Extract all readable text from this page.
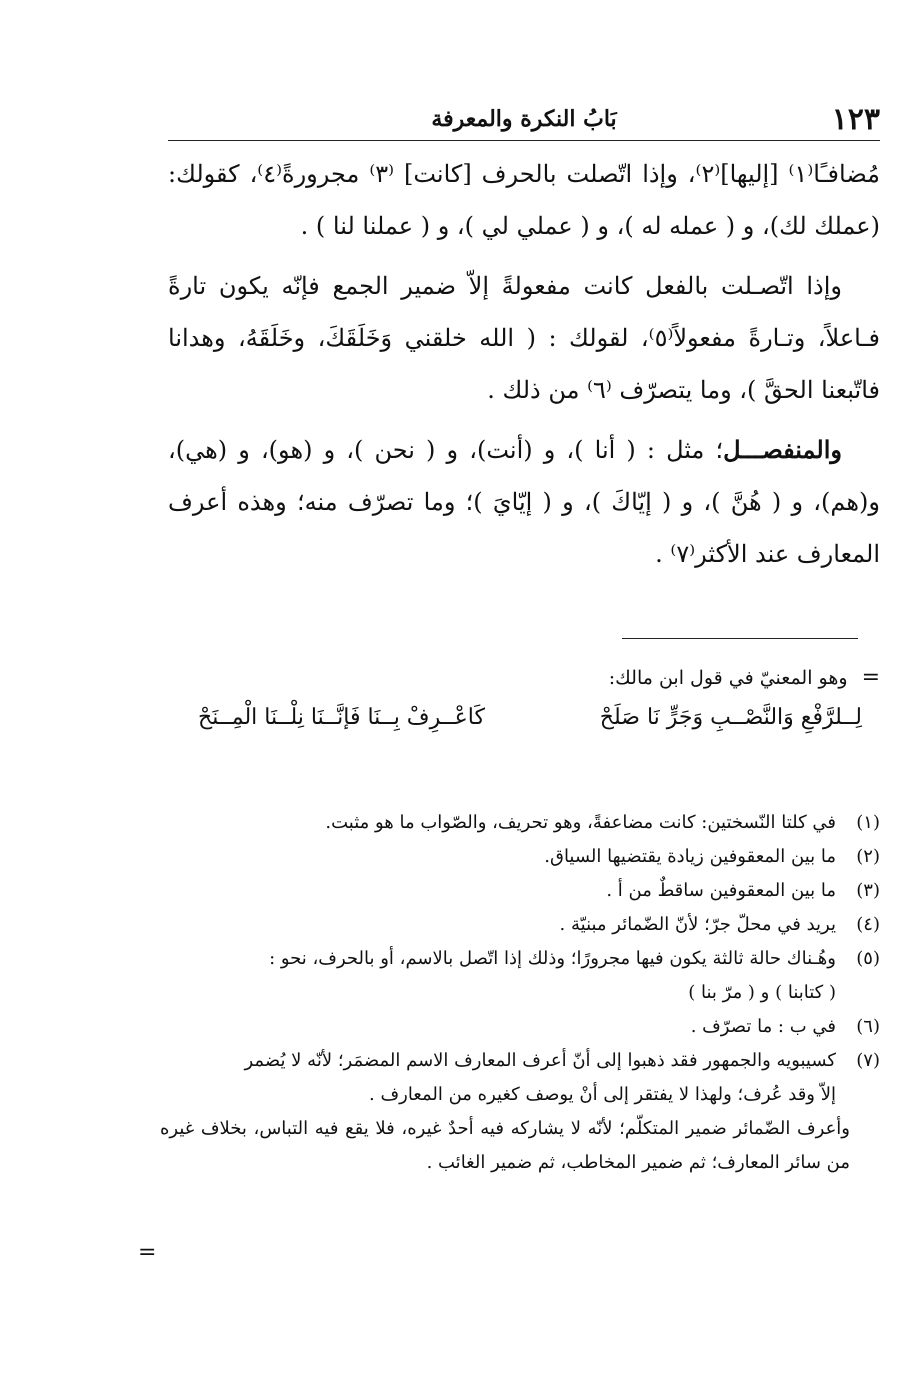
١٢٣
بَابُ النكرة والمعرفة

مُضافـًا⁽١⁾ [إليها]⁽٢⁾، وإذا اتّصلت بالحرف [كانت] ⁽٣⁾ مجرورةً⁽٤⁾، كقولك: (عملك لك)، و ( عمله له )، و ( عملي لي )، و ( عملنا لنا ) .

وإذا اتّصـلت بالفعل كانت مفعولةً إلاّ ضمير الجمع فإنّه يكون تارةً فـاعلاً، وتـارةً مفعولاً⁽٥⁾، لقولك : ( الله خلقني وَخَلَقَكَ، وخَلَقَهُ، وهدانا فاتّبعنا الحقَّ )، وما يتصرّف ⁽٦⁾ من ذلك .

والمنفصـــل؛ مثل : ( أنا )، و (أنت)، و ( نحن )، و (هو)، و (هي)، و(هم)، و ( هُنَّ )، و ( إيّاكَ )، و ( إيّايَ )؛ وما تصرّف منه؛ وهذه أعرف المعارف عند الأكثر⁽٧⁾ .

=
وهو المعنيّ في قول ابن مالك:
لِــلرَّفْعِ وَالنَّصْــبِ وَجَرٍّ نَا صَلَحْ
كَاعْــرِفْ بِــنَا فَإنَّــنَا نِلْــنَا الْمِــنَحْ
(١)
في كلتا النّسختين: كانت مضاعفةً، وهو تحريف، والصّواب ما هو مثبت.
(٢)
ما بين المعقوفين زيادة يقتضيها السياق.
(٣)
ما بين المعقوفين ساقطٌ من أ .
(٤)
يريد في محلّ جرّ؛ لأنّ الضّمائر مبنيّة .
(٥)
وهُـناك حالة ثالثة يكون فيها مجرورًا؛ وذلك إذا اتّصل بالاسم، أو بالحرف، نحو :
( كتابنا ) و ( مرّ بنا )
(٦)
في ب : ما تصرّف .
(٧)
كسيبويه والجمهور فقد ذهبوا إلى أنّ أعرف المعارف الاسم المضمَر؛ لأنّه لا يُضمر
إلاّ وقد عُرف؛ ولهذا لا يفتقر إلى أنْ يوصف كغيره من المعارف .
وأعرف الضّمائر ضمير المتكلّم؛ لأنّه لا يشاركه فيه أحدٌ غيره، فلا يقع فيه التباس، بخلاف غيره من سائر المعارف؛ ثم ضمير المخاطب، ثم ضمير الغائب .
=
